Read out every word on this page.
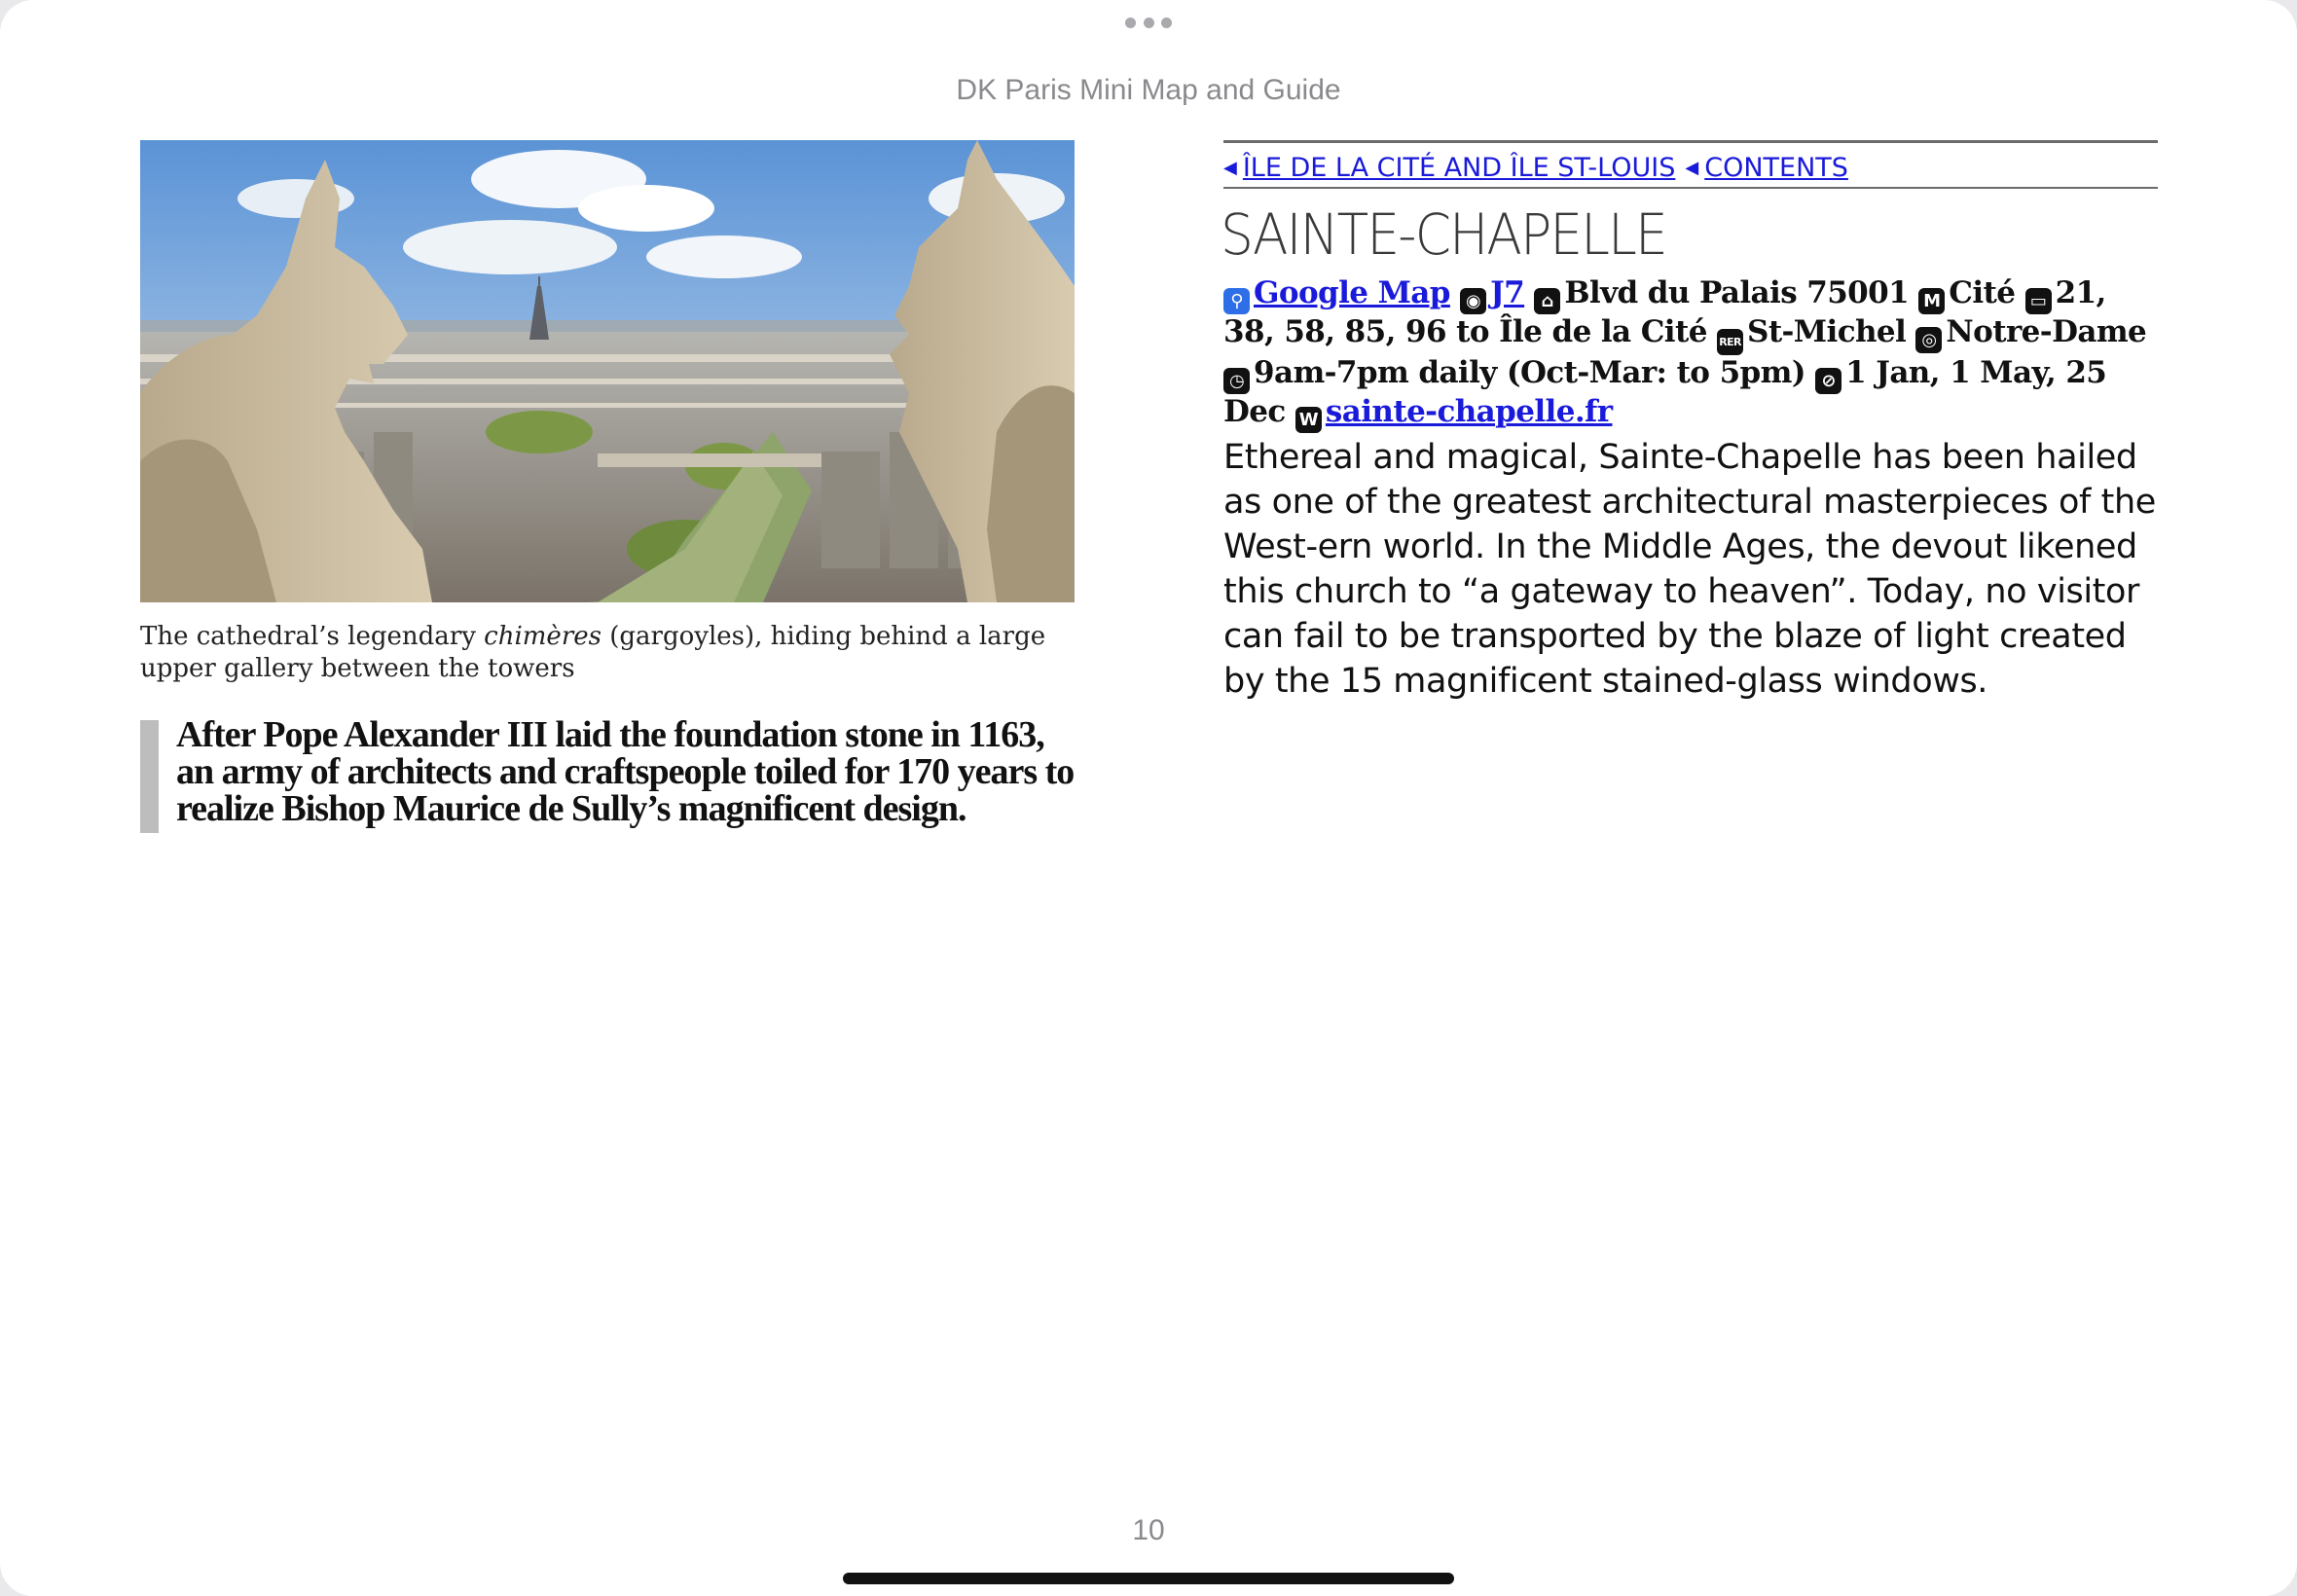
DK Paris Mini Map and Guide
The cathedral’s legendary chimères (gargoyles), hiding behind a large upper gallery between the towers
After Pope Alexander III laid the foundation stone in 1163, an army of architects and craftspeople toiled for 170 years to realize Bishop Maurice de Sully’s magnificent design.
◀ ÎLE DE LA CITÉ AND ÎLE ST-LOUIS ◀ CONTENTS
SAINTE-CHAPELLE
⚲ Google Map ◉ J7 ⌂ Blvd du Palais 75001 M Cité ▭ 21, 38, 58, 85, 96 to Île de la Cité RER St-Michel ◎ Notre-Dame ◷ 9am-7pm daily (Oct-Mar: to 5pm) ⊘ 1 Jan, 1 May, 25 Dec W sainte-chapelle.fr
Ethereal and magical, Sainte-Chapelle has been hailed as one of the greatest architectural masterpieces of the West-ern world. In the Middle Ages, the devout likened this church to “a gateway to heaven”. Today, no visitor can fail to be transported by the blaze of light created by the 15 magnificent stained-glass windows.
10
